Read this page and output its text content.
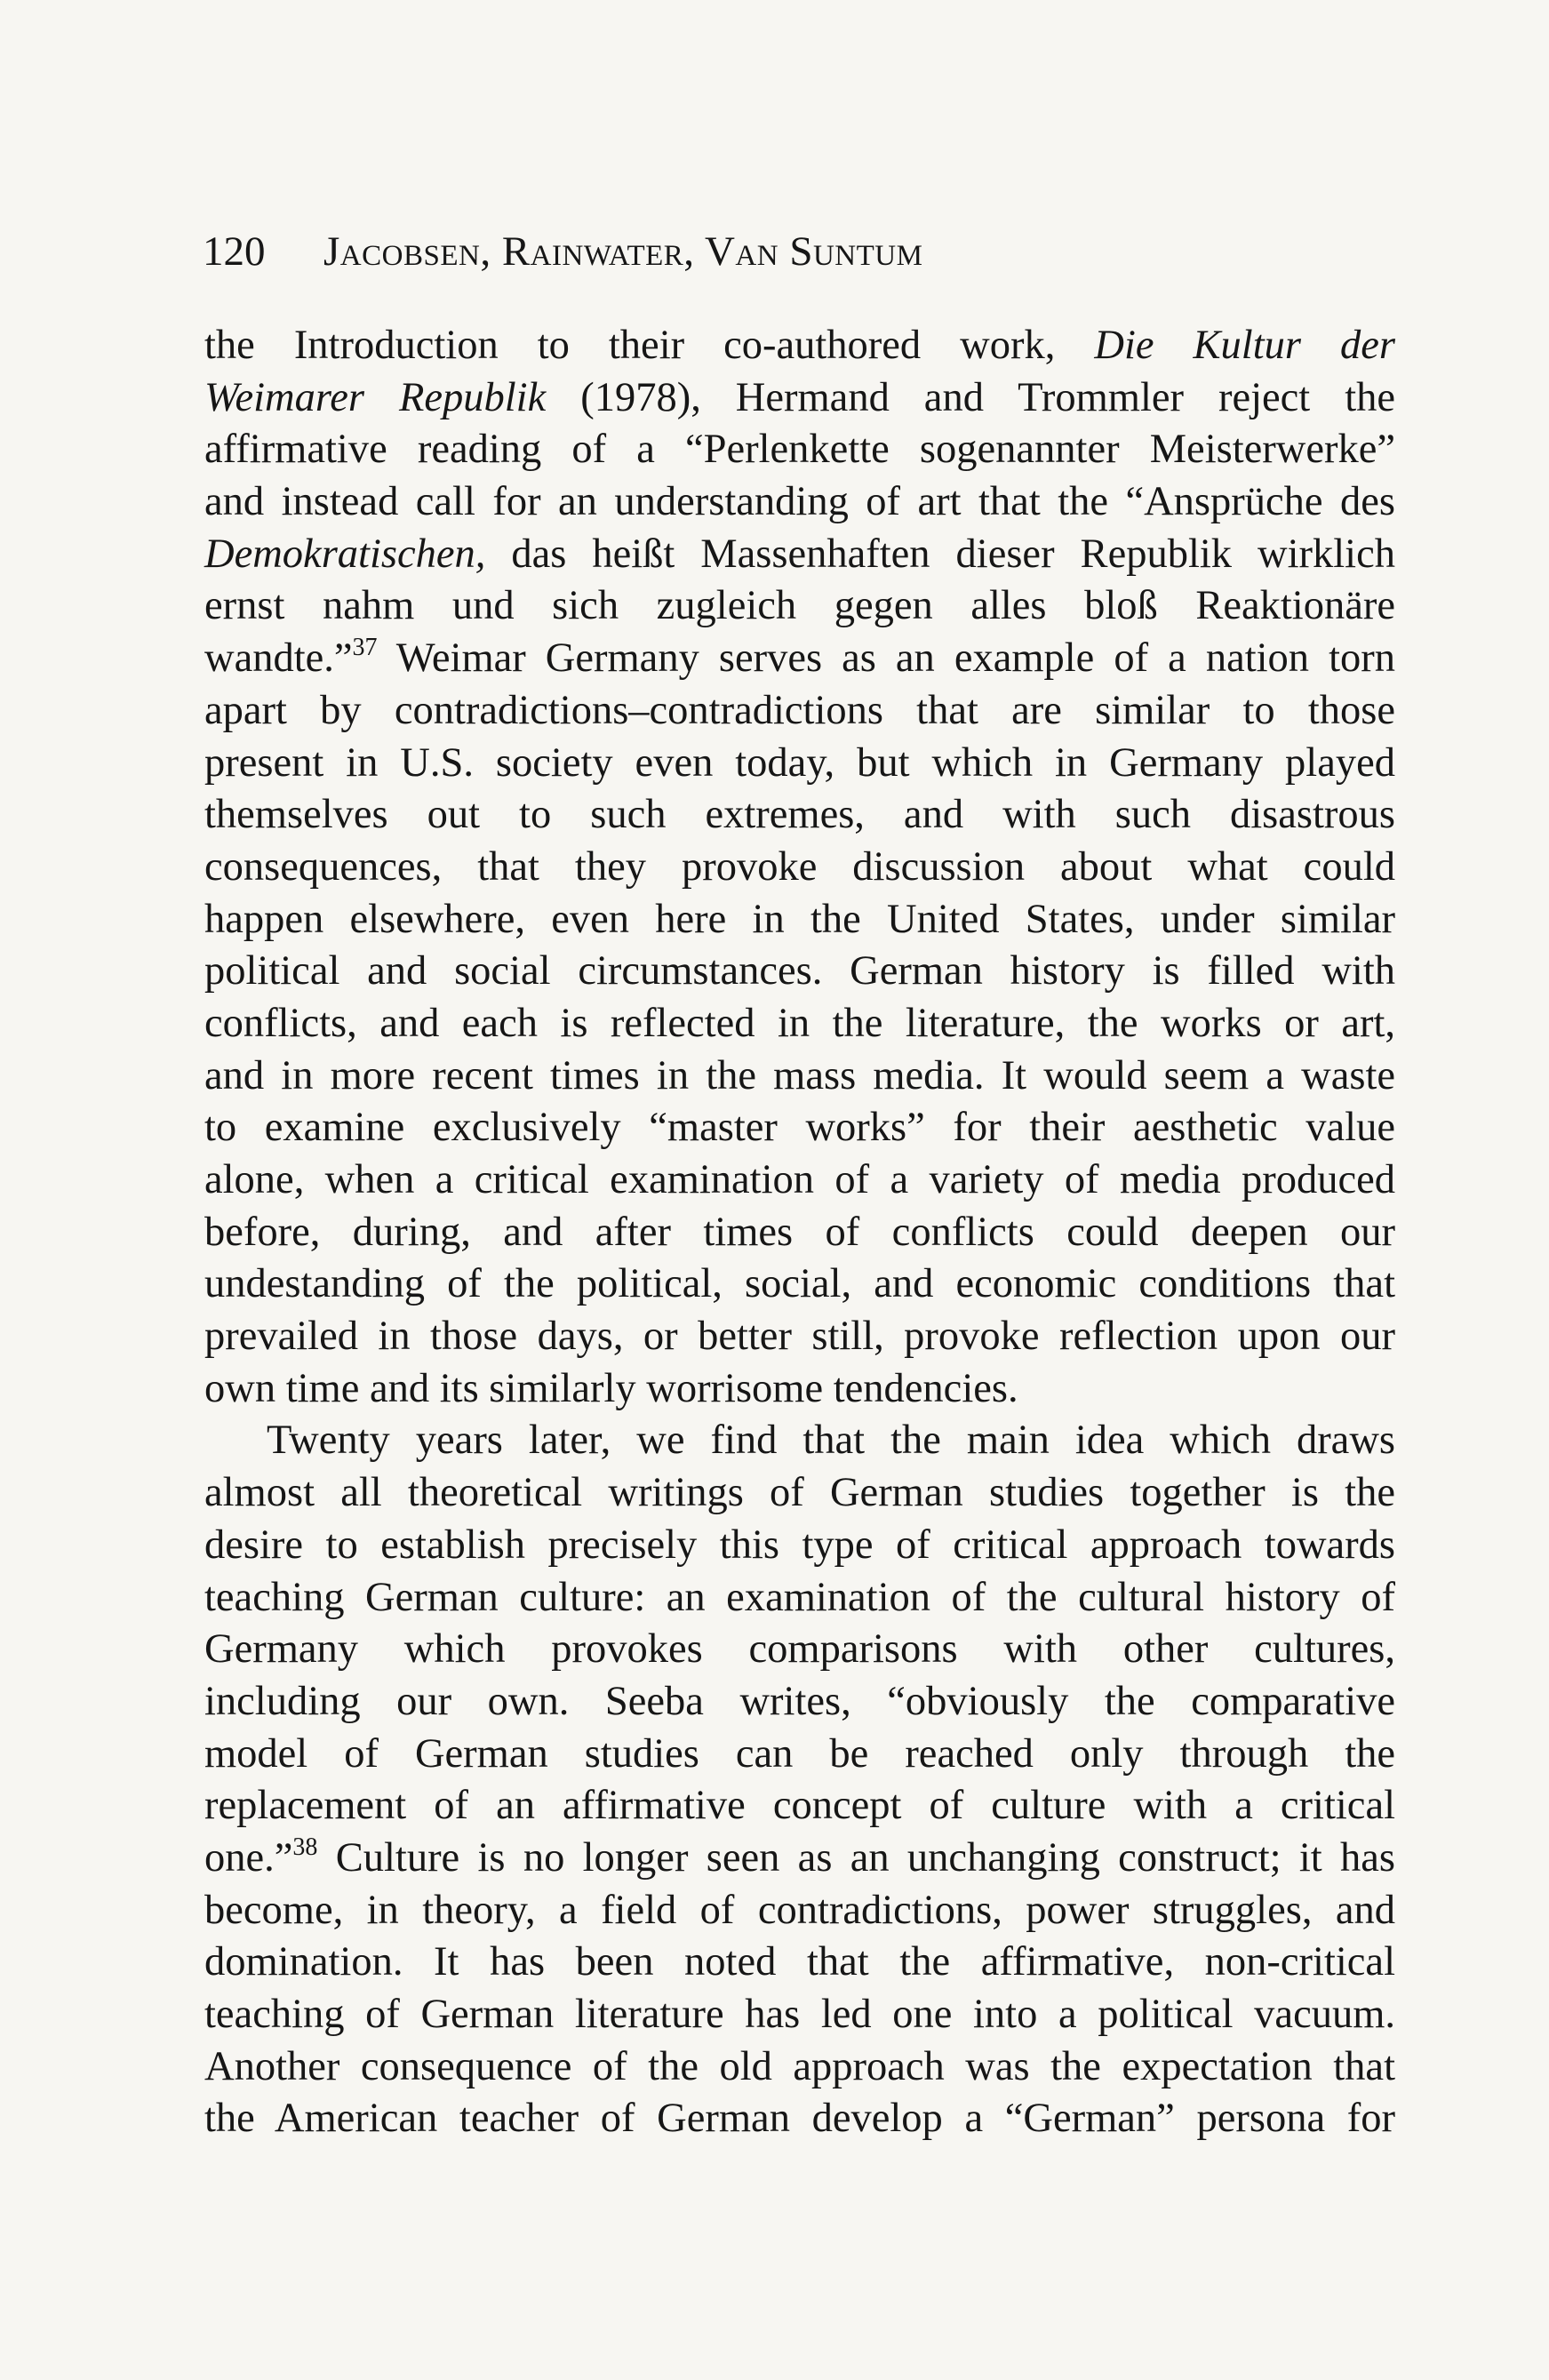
120 Jacobsen, Rainwater, Van Suntum
the Introduction to their co-authored work, Die Kultur der
Weimarer Republik (1978), Hermand and Trommler reject the
affirmative reading of a “Perlenkette sogenannter Meisterwerke”
and instead call for an understanding of art that the “Ansprüche des
Demokratischen, das heißt Massenhaften dieser Republik wirklich
ernst nahm und sich zugleich gegen alles bloß Reaktionäre
wandte.”$^{37}$ Weimar Germany serves as an example of a nation torn
apart by contradictions–contradictions that are similar to those
present in U.S. society even today, but which in Germany played
themselves out to such extremes, and with such disastrous
consequences, that they provoke discussion about what could
happen elsewhere, even here in the United States, under similar
political and social circumstances. German history is filled with
conflicts, and each is reflected in the literature, the works or art,
and in more recent times in the mass media. It would seem a waste
to examine exclusively “master works” for their aesthetic value
alone, when a critical examination of a variety of media produced
before, during, and after times of conflicts could deepen our
undestanding of the political, social, and economic conditions that
prevailed in those days, or better still, provoke reflection upon our
own time and its similarly worrisome tendencies.
Twenty years later, we find that the main idea which draws
almost all theoretical writings of German studies together is the
desire to establish precisely this type of critical approach towards
teaching German culture: an examination of the cultural history of
Germany which provokes comparisons with other cultures,
including our own. Seeba writes, “obviously the comparative
model of German studies can be reached only through the
replacement of an affirmative concept of culture with a critical
one.”$^{38}$ Culture is no longer seen as an unchanging construct; it has
become, in theory, a field of contradictions, power struggles, and
domination. It has been noted that the affirmative, non-critical
teaching of German literature has led one into a political vacuum.
Another consequence of the old approach was the expectation that
the American teacher of German develop a “German” persona for
